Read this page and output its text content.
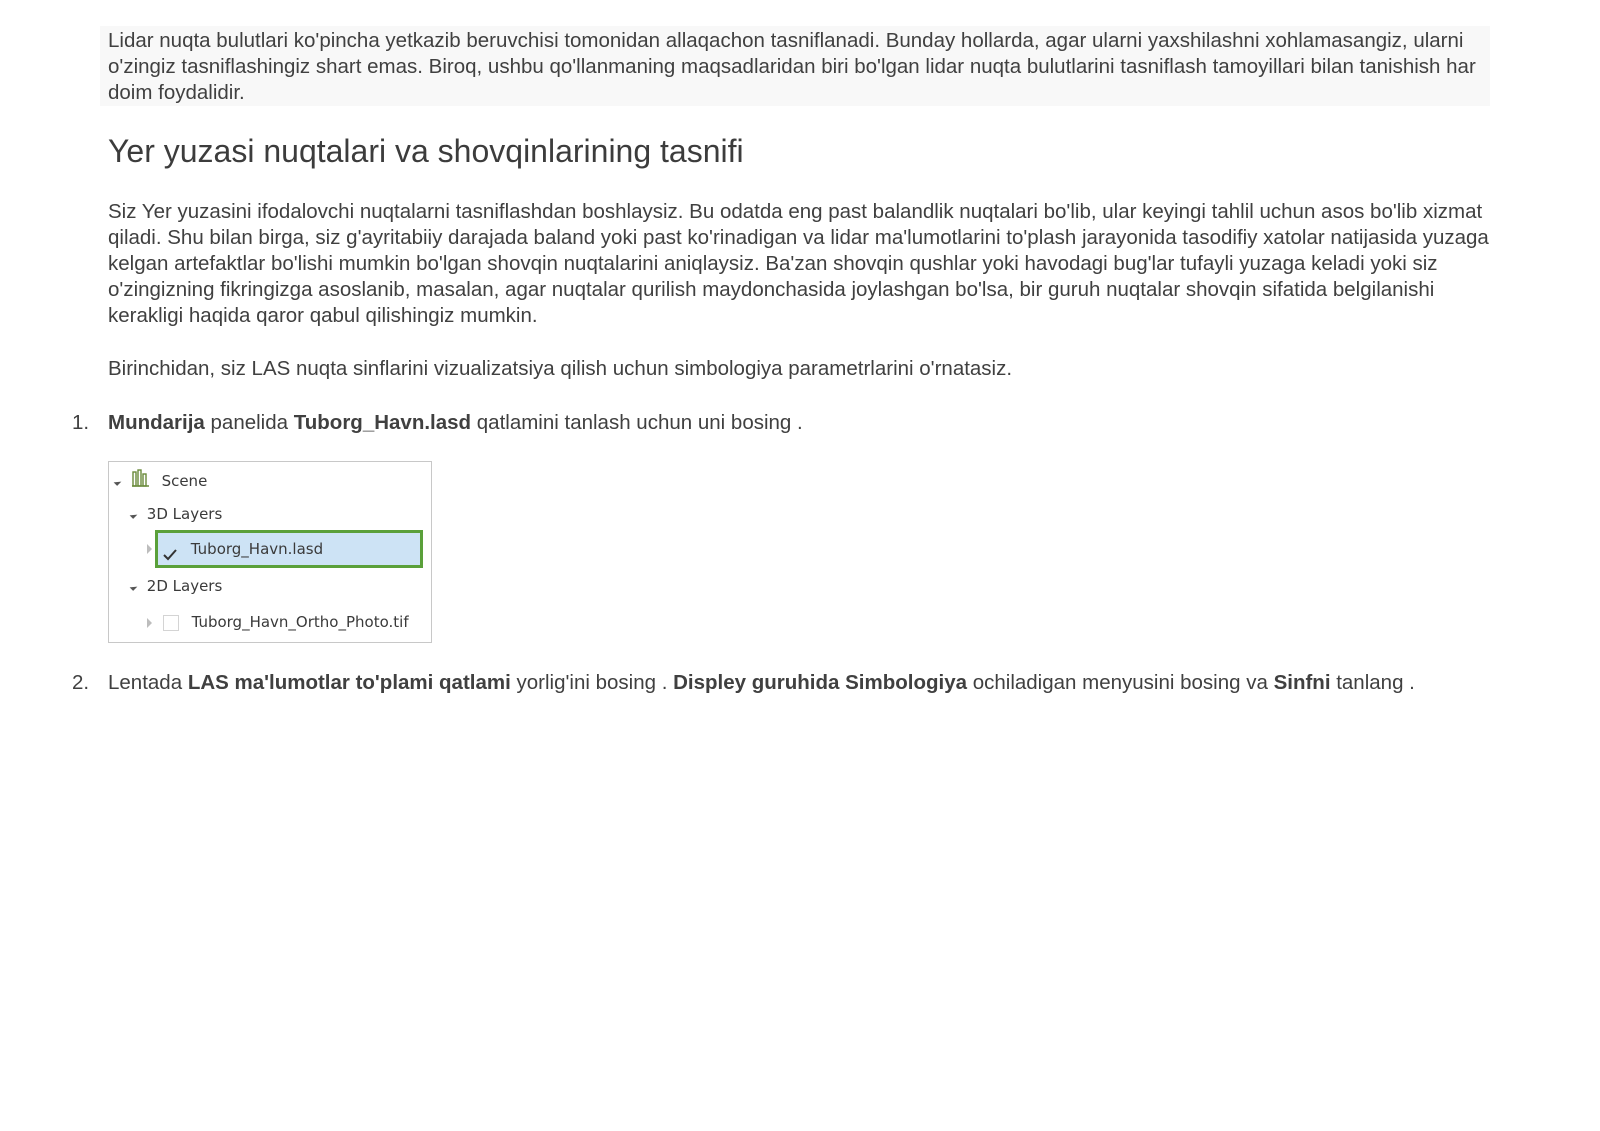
Lidar nuqta bulutlari ko'pincha yetkazib beruvchisi tomonidan allaqachon tasniflanadi. Bunday hollarda, agar ularni yaxshilashni xohlamasangiz, ularni o'zingiz tasniflashingiz shart emas. Biroq, ushbu qo'llanmaning maqsadlaridan biri bo'lgan lidar nuqta bulutlarini tasniflash tamoyillari bilan tanishish har doim foydalidir.
Yer yuzasi nuqtalari va shovqinlarining tasnifi

Siz Yer yuzasini ifodalovchi nuqtalarni tasniflashdan boshlaysiz. Bu odatda eng past balandlik nuqtalari bo'lib, ular keyingi tahlil uchun asos bo'lib xizmat qiladi. Shu bilan birga, siz g'ayritabiiy darajada baland yoki past ko'rinadigan va lidar ma'lumotlarini to'plash jarayonida tasodifiy xatolar natijasida yuzaga kelgan artefaktlar bo'lishi mumkin bo'lgan shovqin nuqtalarini aniqlaysiz. Ba'zan shovqin qushlar yoki havodagi bug'lar tufayli yuzaga keladi yoki siz o'zingizning fikringizga asoslanib, masalan, agar nuqtalar qurilish maydonchasida joylashgan bo'lsa, bir guruh nuqtalar shovqin sifatida belgilanishi kerakligi haqida qaror qabul qilishingiz mumkin.

Birinchidan, siz LAS nuqta sinflarini vizualizatsiya qilish uchun simbologiya parametrlarini o'rnatasiz.

1. Mundarija panelida Tuborg_Havn.lasd qatlamini tanlash uchun uni bosing .
Scene
3D Layers
Tuborg_Havn.lasd
2D Layers
Tuborg_Havn_Ortho_Photo.tif
2. Lentada LAS ma'lumotlar to'plami qatlami yorlig'ini bosing . Displey guruhida Simbologiya ochiladigan menyusini bosing va Sinfni tanlang .
